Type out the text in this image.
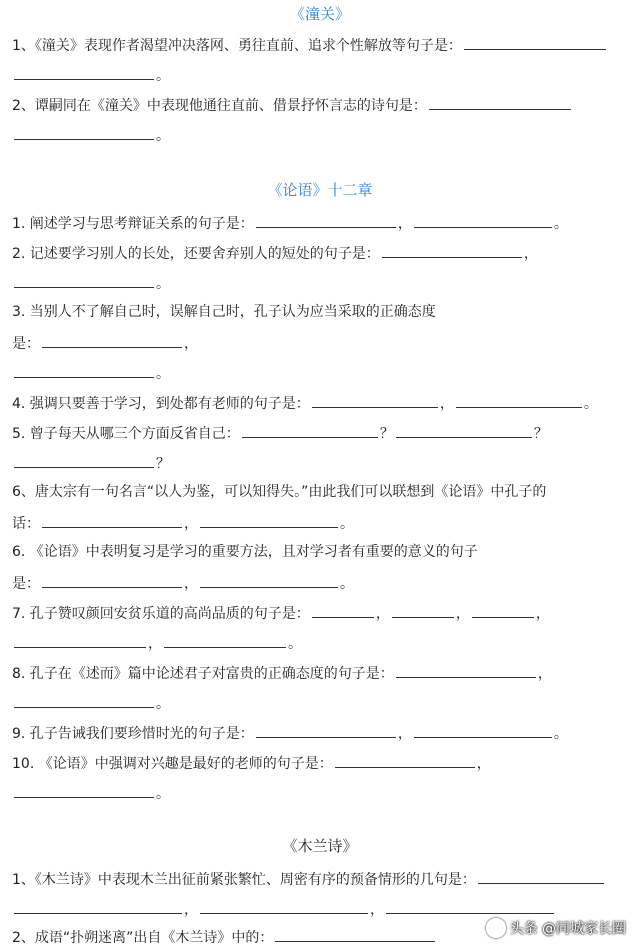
《潼关》
1、《潼关》表现作者渴望冲决落网、勇往直前、追求个性解放等句子是：
。
2、谭嗣同在《潼关》中表现他通往直前、借景抒怀言志的诗句是：
。
《论语》十二章
1. 阐述学习与思考辩证关系的句子是：	，	。
2. 记述要学习别人的长处，还要舍弃别人的短处的句子是：	，
。
3. 当别人不了解自己时，误解自己时，孔子认为应当采取的正确态度
是：	，
。
4. 强调只要善于学习，到处都有老师的句子是：	，	。
5. 曾子每天从哪三个方面反省自己：	？	？
？
6、唐太宗有一句名言“以人为鉴，可以知得失。”由此我们可以联想到《论语》中孔子的
话：	，	。
6. 《论语》中表明复习是学习的重要方法，且对学习者有重要的意义的句子
是：	，	。
7. 孔子赞叹颜回安贫乐道的高尚品质的句子是：	，	，	，
，	。
8. 孔子在《述而》篇中论述君子对富贵的正确态度的句子是：	，
。
9. 孔子告诫我们要珍惜时光的句子是：	，	。
10. 《论语》中强调对兴趣是最好的老师的句子是：	，
。
《木兰诗》
1、《木兰诗》中表现木兰出征前紧张繁忙、周密有序的预备情形的几句是：
，	，
2、成语“扑朔迷离”出自《木兰诗》中的：
头条 @同城家长圈
